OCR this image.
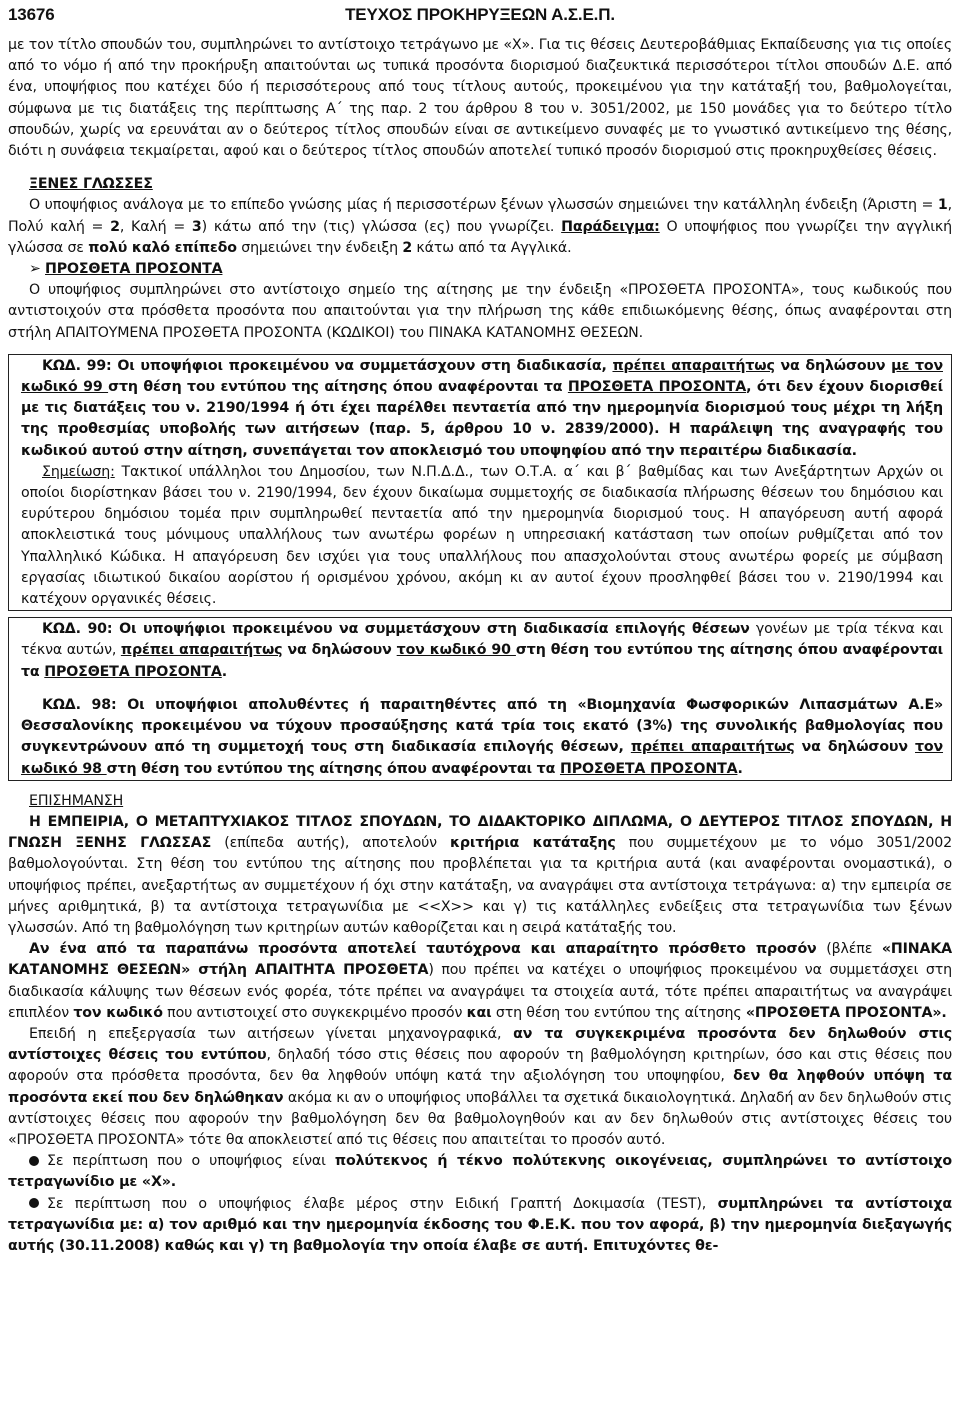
13676	ΤΕΥΧΟΣ ΠΡΟΚΗΡΥΞΕΩΝ Α.Σ.Ε.Π.

με τον τίτλο σπουδών του, συμπληρώνει το αντίστοιχο τετράγωνο με «Χ». Για τις θέσεις Δευτεροβάθμιας Εκπαίδευσης για τις οποίες από το νόμο ή από την προκήρυξη απαιτούνται ως τυπικά προσόντα διορισμού διαζευκτικά περισσότεροι τίτλοι σπουδών Δ.Ε. από ένα, υποψήφιος που κατέχει δύο ή περισσότερους από τους τίτλους αυτούς, προκειμένου για την κατάταξή του, βαθμολογείται, σύμφωνα με τις διατάξεις της περίπτωσης Α΄ της παρ. 2 του άρθρου 8 του ν. 3051/2002, με 150 μονάδες για το δεύτερο τίτλο σπουδών, χωρίς να ερευνάται αν ο δεύτερος τίτλος σπουδών είναι σε αντικείμενο συναφές με το γνωστικό αντικείμενο της θέσης, διότι η συνάφεια τεκμαίρεται, αφού και ο δεύτερος τίτλος σπουδών αποτελεί τυπικό προσόν διορισμού στις προκηρυχθείσες θέσεις.

ΞΕΝΕΣ ΓΛΩΣΣΕΣ

Ο υποψήφιος ανάλογα με το επίπεδο γνώσης μίας ή περισσοτέρων ξένων γλωσσών σημειώνει την κατάλληλη ένδειξη (Άριστη = 1, Πολύ καλή = 2, Καλή = 3) κάτω από την (τις) γλώσσα (ες) που γνωρίζει. Παράδειγμα: Ο υποψήφιος που γνωρίζει την αγγλική γλώσσα σε πολύ καλό επίπεδο σημειώνει την ένδειξη 2 κάτω από τα Αγγλικά.

➢ ΠΡΟΣΘΕΤΑ ΠΡΟΣΟΝΤΑ

Ο υποψήφιος συμπληρώνει στο αντίστοιχο σημείο της αίτησης με την ένδειξη «ΠΡΟΣΘΕΤΑ ΠΡΟΣΟΝΤΑ», τους κωδικούς που αντιστοιχούν στα πρόσθετα προσόντα που απαιτούνται για την πλήρωση της κάθε επιδιωκόμενης θέσης, όπως αναφέρονται στη στήλη ΑΠΑΙΤΟΥΜΕΝΑ ΠΡΟΣΘΕΤΑ ΠΡΟΣΟΝΤΑ (ΚΩΔΙΚΟΙ) του ΠΙΝΑΚΑ ΚΑΤΑΝΟΜΗΣ ΘΕΣΕΩΝ.

ΚΩΔ. 99: Οι υποψήφιοι προκειμένου να συμμετάσχουν στη διαδικασία, πρέπει απαραιτήτως να δηλώσουν με τον κωδικό 99 στη θέση του εντύπου της αίτησης όπου αναφέρονται τα ΠΡΟΣΘΕΤΑ ΠΡΟΣΟΝΤΑ, ότι δεν έχουν διορισθεί με τις διατάξεις του ν. 2190/1994 ή ότι έχει παρέλθει πενταετία από την ημερομηνία διορισμού τους μέχρι τη λήξη της προθεσμίας υποβολής των αιτήσεων (παρ. 5, άρθρου 10 ν. 2839/2000). Η παράλειψη της αναγραφής του κωδικού αυτού στην αίτηση, συνεπάγεται τον αποκλεισμό του υποψηφίου από την περαιτέρω διαδικασία.

Σημείωση: Τακτικοί υπάλληλοι του Δημοσίου, των Ν.Π.Δ.Δ., των Ο.Τ.Α. α΄ και β΄ βαθμίδας και των Ανεξάρτητων Αρχών οι οποίοι διορίστηκαν βάσει του ν. 2190/1994, δεν έχουν δικαίωμα συμμετοχής σε διαδικασία πλήρωσης θέσεων του δημόσιου και ευρύτερου δημόσιου τομέα πριν συμπληρωθεί πενταετία από την ημερομηνία διορισμού τους. Η απαγόρευση αυτή αφορά αποκλειστικά τους μόνιμους υπαλλήλους των ανωτέρω φορέων η υπηρεσιακή κατάσταση των οποίων ρυθμίζεται από τον Υπαλληλικό Κώδικα. Η απαγόρευση δεν ισχύει για τους υπαλλήλους που απασχολούνται στους ανωτέρω φορείς με σύμβαση εργασίας ιδιωτικού δικαίου αορίστου ή ορισμένου χρόνου, ακόμη κι αν αυτοί έχουν προσληφθεί βάσει του ν. 2190/1994 και κατέχουν οργανικές θέσεις.

ΚΩΔ. 90: Οι υποψήφιοι προκειμένου να συμμετάσχουν στη διαδικασία επιλογής θέσεων γονέων με τρία τέκνα και τέκνα αυτών, πρέπει απαραιτήτως να δηλώσουν τον κωδικό 90 στη θέση του εντύπου της αίτησης όπου αναφέρονται τα ΠΡΟΣΘΕΤΑ ΠΡΟΣΟΝΤΑ.

ΚΩΔ. 98: Οι υποψήφιοι απολυθέντες ή παραιτηθέντες από τη «Βιομηχανία Φωσφορικών Λιπασμάτων Α.Ε» Θεσσαλονίκης προκειμένου να τύχουν προσαύξησης κατά τρία τοις εκατό (3%) της συνολικής βαθμολογίας που συγκεντρώνουν από τη συμμετοχή τους στη διαδικασία επιλογής θέσεων, πρέπει απαραιτήτως να δηλώσουν τον κωδικό 98 στη θέση του εντύπου της αίτησης όπου αναφέρονται τα ΠΡΟΣΘΕΤΑ ΠΡΟΣΟΝΤΑ.

ΕΠΙΣΗΜΑΝΣΗ

Η ΕΜΠΕΙΡΙΑ, Ο ΜΕΤΑΠΤΥΧΙΑΚΟΣ ΤΙΤΛΟΣ ΣΠΟΥΔΩΝ, ΤΟ ΔΙΔΑΚΤΟΡΙΚΟ ΔΙΠΛΩΜΑ, Ο ΔΕΥΤΕΡΟΣ ΤΙΤΛΟΣ ΣΠΟΥΔΩΝ, Η ΓΝΩΣΗ ΞΕΝΗΣ ΓΛΩΣΣΑΣ (επίπεδα αυτής), αποτελούν κριτήρια κατάταξης που συμμετέχουν με το νόμο 3051/2002 βαθμολογούνται. Στη θέση του εντύπου της αίτησης που προβλέπεται για τα κριτήρια αυτά (και αναφέρονται ονομαστικά), ο υποψήφιος πρέπει, ανεξαρτήτως αν συμμετέχουν ή όχι στην κατάταξη, να αναγράψει στα αντίστοιχα τετράγωνα: α) την εμπειρία σε μήνες αριθμητικά, β) τα αντίστοιχα τετραγωνίδια με <<Χ>> και γ) τις κατάλληλες ενδείξεις στα τετραγωνίδια των ξένων γλωσσών. Από τη βαθμολόγηση των κριτηρίων αυτών καθορίζεται και η σειρά κατάταξής του.

Αν ένα από τα παραπάνω προσόντα αποτελεί ταυτόχρονα και απαραίτητο πρόσθετο προσόν (βλέπε «ΠΙΝΑΚΑ ΚΑΤΑΝΟΜΗΣ ΘΕΣΕΩΝ» στήλη ΑΠΑΙΤΗΤΑ ΠΡΟΣΘΕΤΑ) που πρέπει να κατέχει ο υποψήφιος προκειμένου να συμμετάσχει στη διαδικασία κάλυψης των θέσεων ενός φορέα, τότε πρέπει να αναγράψει τα στοιχεία αυτά, τότε πρέπει απαραιτήτως να αναγράψει επιπλέον τον κωδικό που αντιστοιχεί στο συγκεκριμένο προσόν και στη θέση του εντύπου της αίτησης «ΠΡΟΣΘΕΤΑ ΠΡΟΣΟΝΤΑ».

Επειδή η επεξεργασία των αιτήσεων γίνεται μηχανογραφικά, αν τα συγκεκριμένα προσόντα δεν δηλωθούν στις αντίστοιχες θέσεις του εντύπου, δηλαδή τόσο στις θέσεις που αφορούν τη βαθμολόγηση κριτηρίων, όσο και στις θέσεις που αφορούν στα πρόσθετα προσόντα, δεν θα ληφθούν υπόψη κατά την αξιολόγηση του υποψηφίου, δεν θα ληφθούν υπόψη τα προσόντα εκεί που δεν δηλώθηκαν ακόμα κι αν ο υποψήφιος υποβάλλει τα σχετικά δικαιολογητικά. Δηλαδή αν δεν δηλωθούν στις αντίστοιχες θέσεις που αφορούν την βαθμολόγηση δεν θα βαθμολογηθούν και αν δεν δηλωθούν στις αντίστοιχες θέσεις του «ΠΡΟΣΘΕΤΑ ΠΡΟΣΟΝΤΑ» τότε θα αποκλειστεί από τις θέσεις που απαιτείται το προσόν αυτό.

Σε περίπτωση που ο υποψήφιος είναι πολύτεκνος ή τέκνο πολύτεκνης οικογένειας, συμπληρώνει το αντίστοιχο τετραγωνίδιο με «Χ».

Σε περίπτωση που ο υποψήφιος έλαβε μέρος στην Ειδική Γραπτή Δοκιμασία (TEST), συμπληρώνει τα αντίστοιχα τετραγωνίδια με: α) τον αριθμό και την ημερομηνία έκδοσης του Φ.Ε.Κ. που τον αφορά, β) την ημερομηνία διεξαγωγής αυτής (30.11.2008) καθώς και γ) τη βαθμολογία την οποία έλαβε σε αυτή. Επιτυχόντες θε-
